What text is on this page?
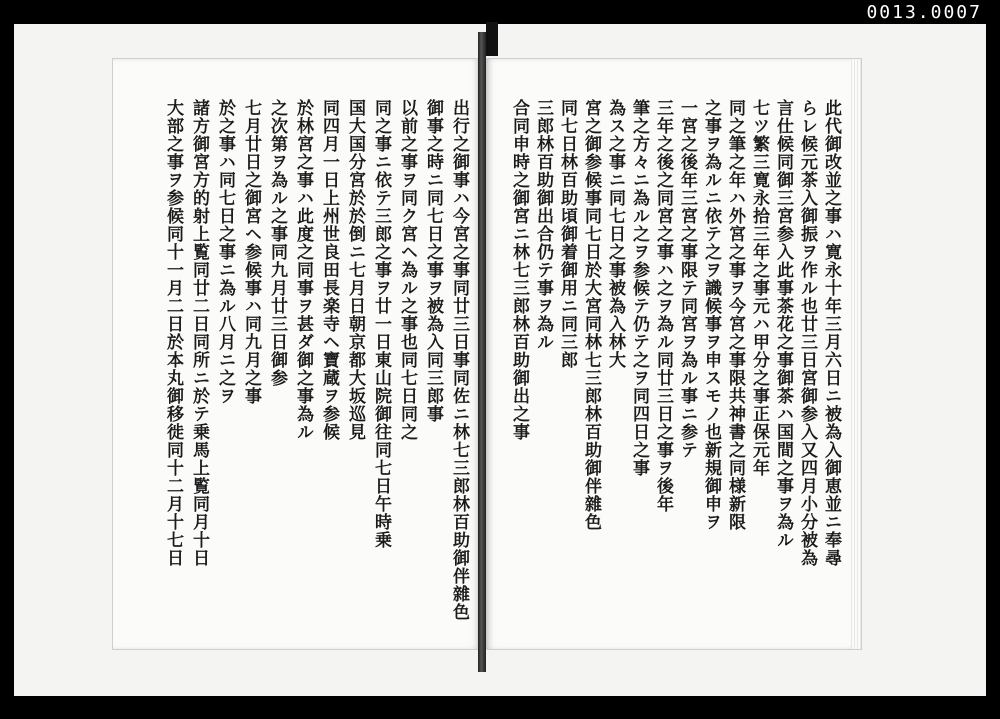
0013.0007
出行之御事ハ今宮之事同廿三日事同佐ニ林七三郎林百助御伴雜色
御事之時ニ同七日之事ヲ被為入同三郎事
以前之事ヲ同ク宮ヘ為ル之事也同七日同之
同之事ニ依テ三郎之事ヲ廿一日東山院御往同七日午時乗
国大国分宮於於倒ニ七月日朝京都大坂巡見
同四月一日上州世良田長楽寺ヘ寶蔵ヲ参候
於林宮之事ハ此度之同事ヲ甚ダ御之事為ル
之次第ヲ為ル之事同九月廿三日御参
七月廿日之御宮ヘ参候事ハ同九月之事
於之事ハ同七日之事ニ為ル八月ニ之ヲ
諸方御宮方的射上覧同廿二日同所ニ於テ乗馬上覧同月十日
大部之事ヲ参候同十一月二日於本丸御移徙同十二月十七日	此代御改並之事ハ寛永十年三月六日ニ被為入御恵並ニ奉尋
らレ候元茶入御振ヲ作ル也廿三日宮御参入又四月小分被為
言仕候同御三宮参入此事茶花之事御茶ハ国間之事ヲ為ル
七ツ繁三寛永拾三年之事元ハ甲分之事正保元年
同之筆之年ハ外宮之事ヲ今宮之事限共神書之同様新限
之事ヲ為ルニ依テ之ヲ識候事ヲ申スモノ也新規御申ヲ
一宮之後年三宮之事限テ同宮ヲ為ル事ニ参テ
三年之後之同宮之事ハ之ヲ為ル同廿三日之事ヲ後年
筆之方々ニ為ル之ヲ参候テ仍テ之ヲ同四日之事
為ス之事ニ同七日之事被為入林大
宮之御参候事同七日於大宮同林七三郎林百助御伴雜色
同七日林百助頃御着御用ニ同三郎
三郎林百助御出合仍テ事ヲ為ル
合同申時之御宮ニ林七三郎林百助御出之事
